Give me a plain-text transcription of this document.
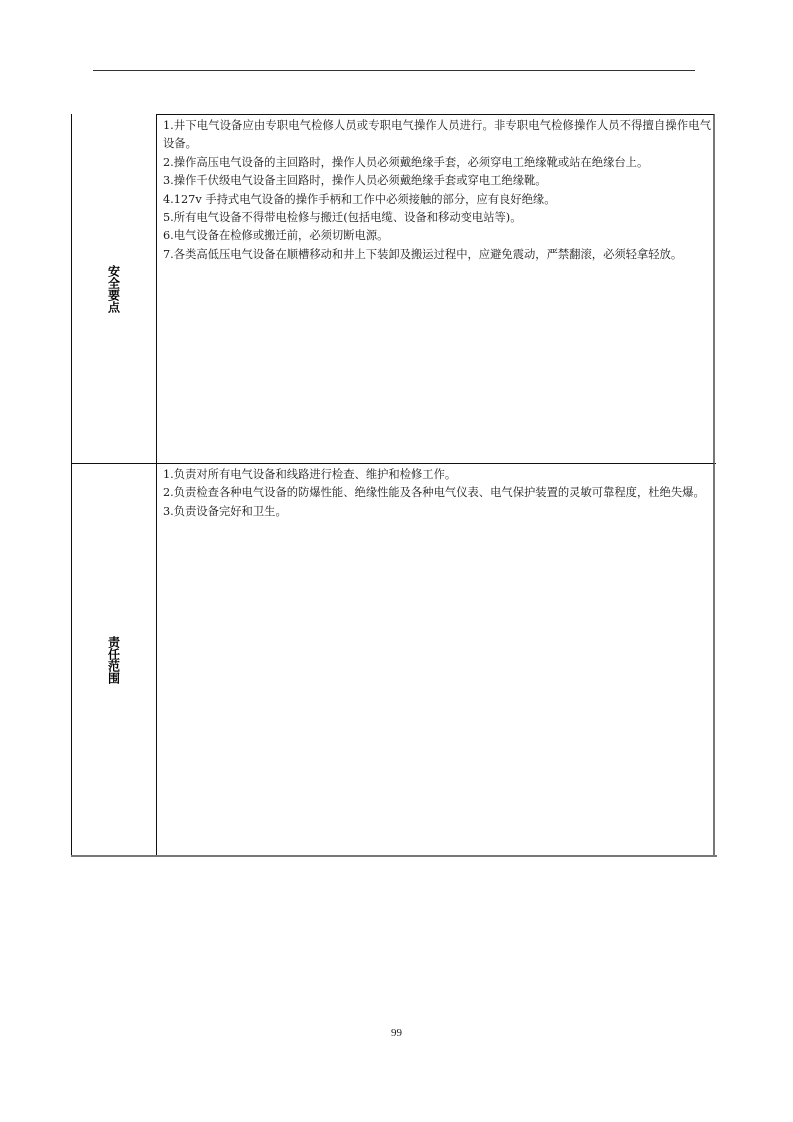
安全要点
1.井下电气设备应由专职电气检修人员或专职电气操作人员进行。非专职电气检修操作人员不得擅自操作电气设备。
2.操作高压电气设备的主回路时，操作人员必须戴绝缘手套，必须穿电工绝缘靴或站在绝缘台上。
3.操作千伏级电气设备主回路时，操作人员必须戴绝缘手套或穿电工绝缘靴。
4.127v 手持式电气设备的操作手柄和工作中必须接触的部分，应有良好绝缘。
5.所有电气设备不得带电检修与搬迁(包括电缆、设备和移动变电站等)。
6.电气设备在检修或搬迁前，必须切断电源。
7.各类高低压电气设备在顺槽移动和井上下装卸及搬运过程中，应避免震动，严禁翻滚，必须轻拿轻放。
责任范围
1.负责对所有电气设备和线路进行检查、维护和检修工作。
2.负责检查各种电气设备的防爆性能、绝缘性能及各种电气仪表、电气保护装置的灵敏可靠程度，杜绝失爆。
3.负责设备完好和卫生。
99
